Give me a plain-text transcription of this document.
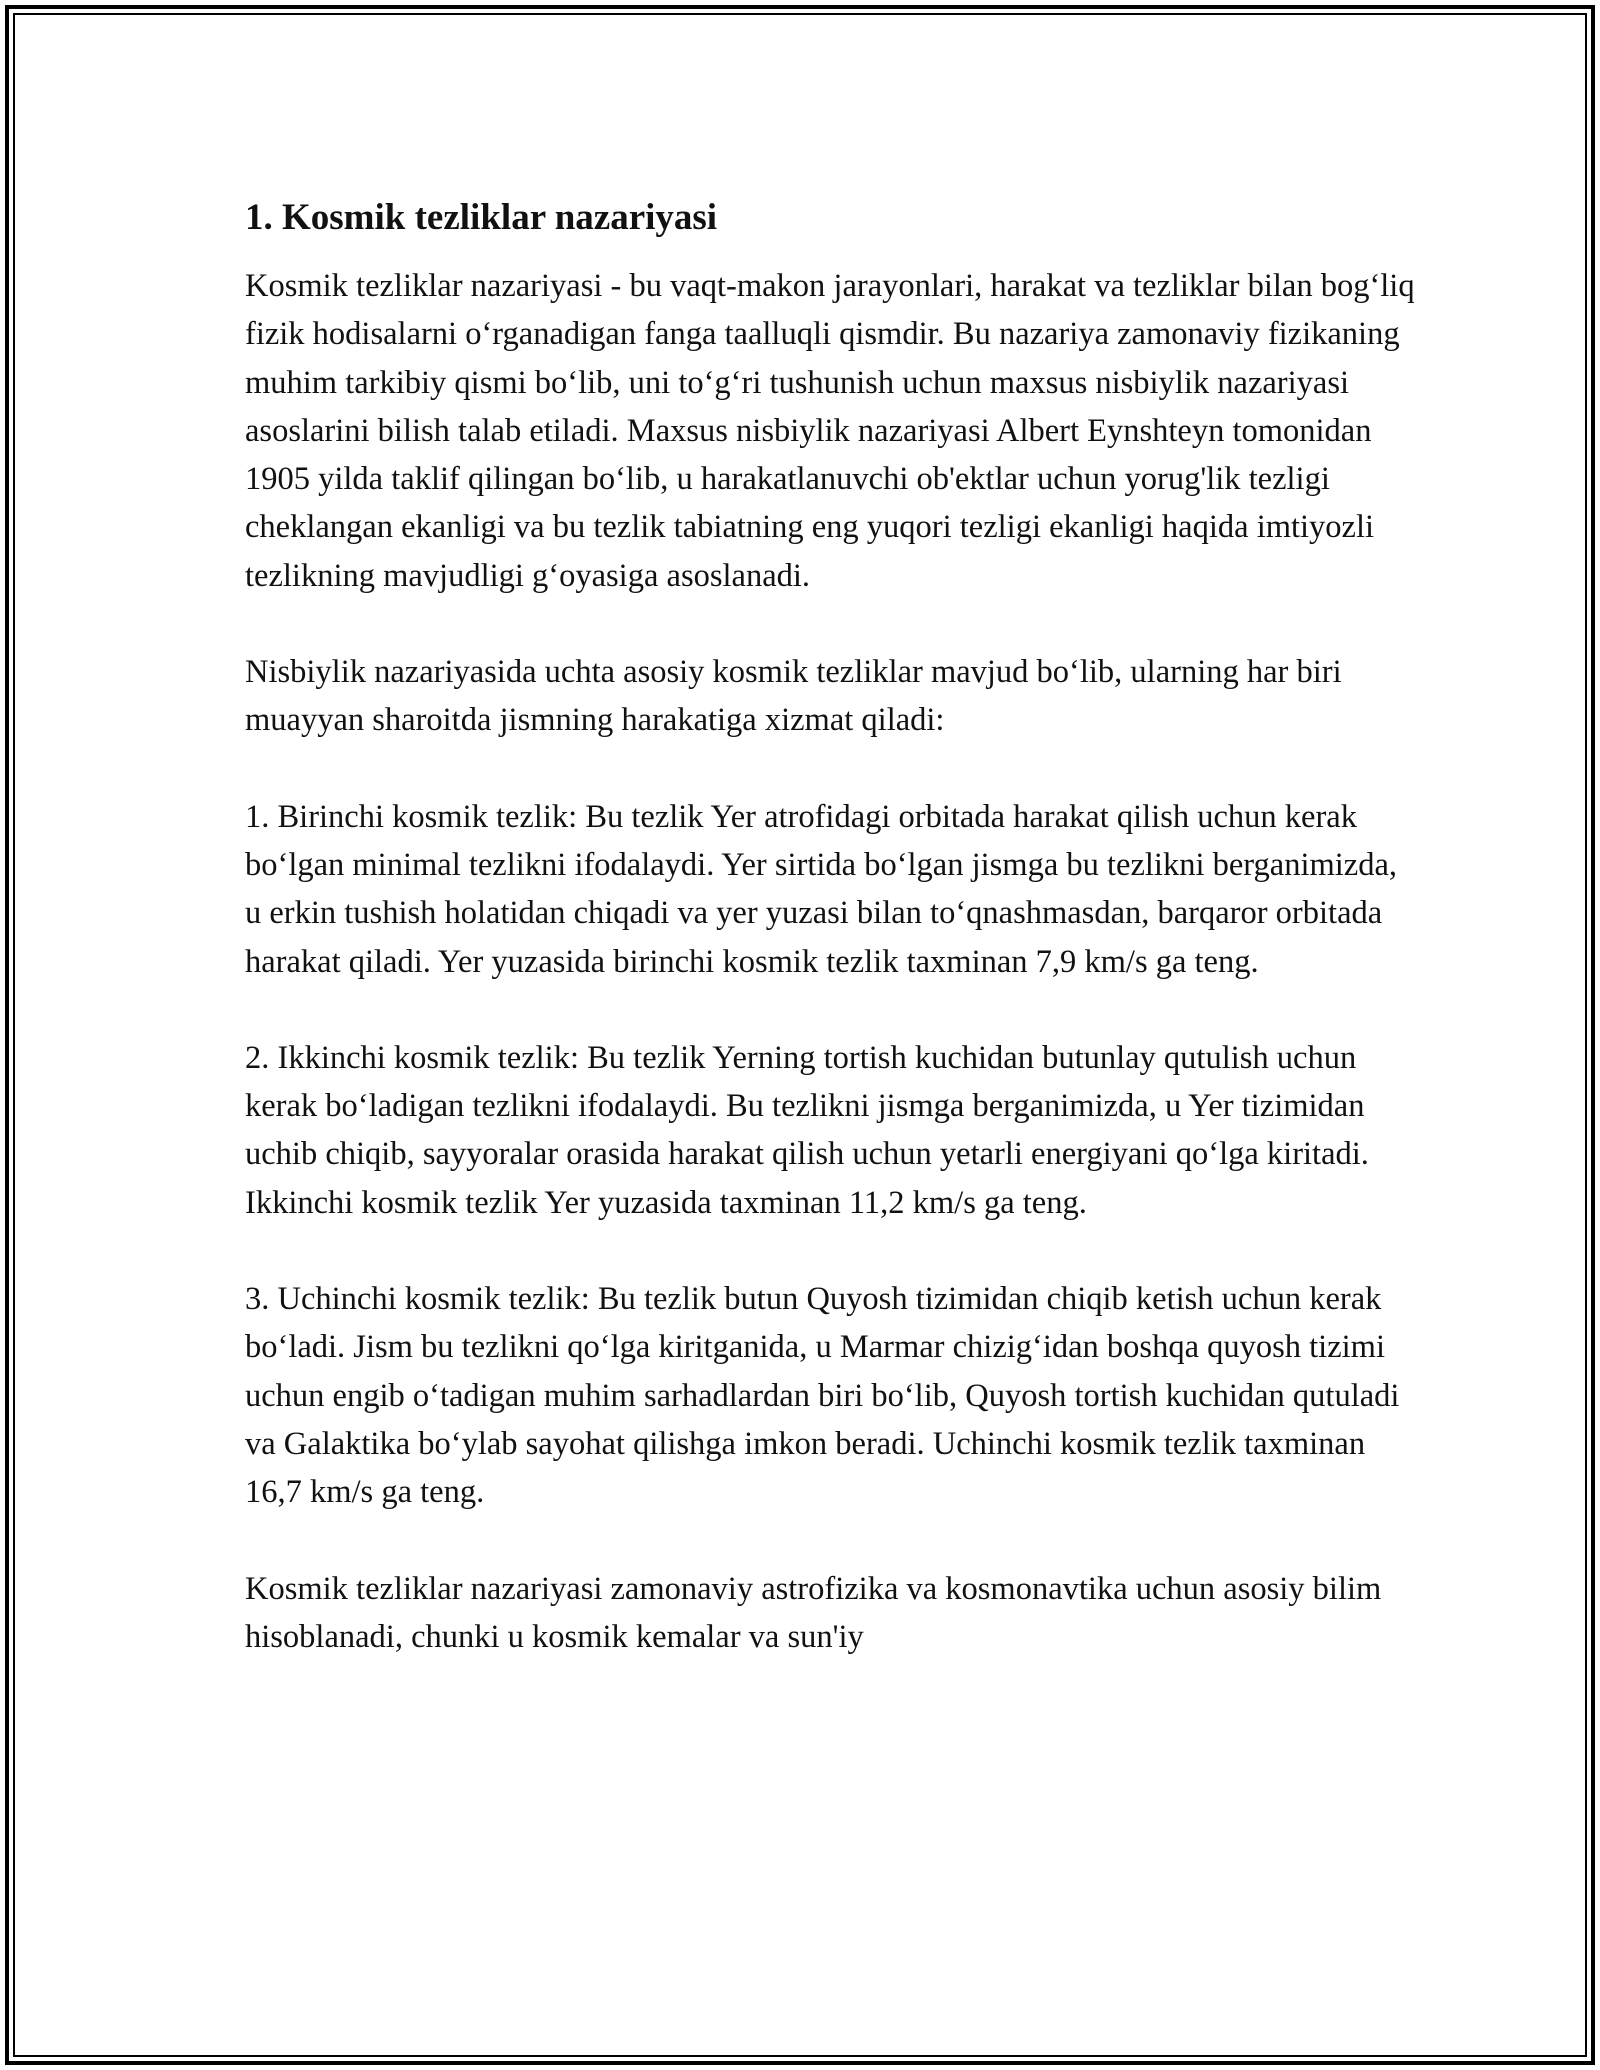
1. Kosmik tezliklar nazariyasi

Kosmik tezliklar nazariyasi - bu vaqt-makon jarayonlari, harakat va tezliklar bilan bog‘liq fizik hodisalarni o‘rganadigan fanga taalluqli qismdir. Bu nazariya zamonaviy fizikaning muhim tarkibiy qismi bo‘lib, uni to‘g‘ri tushunish uchun maxsus nisbiylik nazariyasi asoslarini bilish talab etiladi. Maxsus nisbiylik nazariyasi Albert Eynshteyn tomonidan 1905 yilda taklif qilingan bo‘lib, u harakatlanuvchi ob'ektlar uchun yorug'lik tezligi cheklangan ekanligi va bu tezlik tabiatning eng yuqori tezligi ekanligi haqida imtiyozli tezlikning mavjudligi g‘oyasiga asoslanadi.

Nisbiylik nazariyasida uchta asosiy kosmik tezliklar mavjud bo‘lib, ularning har biri muayyan sharoitda jismning harakatiga xizmat qiladi:

1. Birinchi kosmik tezlik: Bu tezlik Yer atrofidagi orbitada harakat qilish uchun kerak bo‘lgan minimal tezlikni ifodalaydi. Yer sirtida bo‘lgan jismga bu tezlikni berganimizda, u erkin tushish holatidan chiqadi va yer yuzasi bilan to‘qnashmasdan, barqaror orbitada harakat qiladi. Yer yuzasida birinchi kosmik tezlik taxminan 7,9 km/s ga teng.

2. Ikkinchi kosmik tezlik: Bu tezlik Yerning tortish kuchidan butunlay qutulish uchun kerak bo‘ladigan tezlikni ifodalaydi. Bu tezlikni jismga berganimizda, u Yer tizimidan uchib chiqib, sayyoralar orasida harakat qilish uchun yetarli energiyani qo‘lga kiritadi. Ikkinchi kosmik tezlik Yer yuzasida taxminan 11,2 km/s ga teng.

3. Uchinchi kosmik tezlik: Bu tezlik butun Quyosh tizimidan chiqib ketish uchun kerak bo‘ladi. Jism bu tezlikni qo‘lga kiritganida, u Marmar chizig‘idan boshqa quyosh tizimi uchun engib o‘tadigan muhim sarhadlardan biri bo‘lib, Quyosh tortish kuchidan qutuladi va Galaktika bo‘ylab sayohat qilishga imkon beradi. Uchinchi kosmik tezlik taxminan 16,7 km/s ga teng.

Kosmik tezliklar nazariyasi zamonaviy astrofizika va kosmonavtika uchun asosiy bilim hisoblanadi, chunki u kosmik kemalar va sun'iy
